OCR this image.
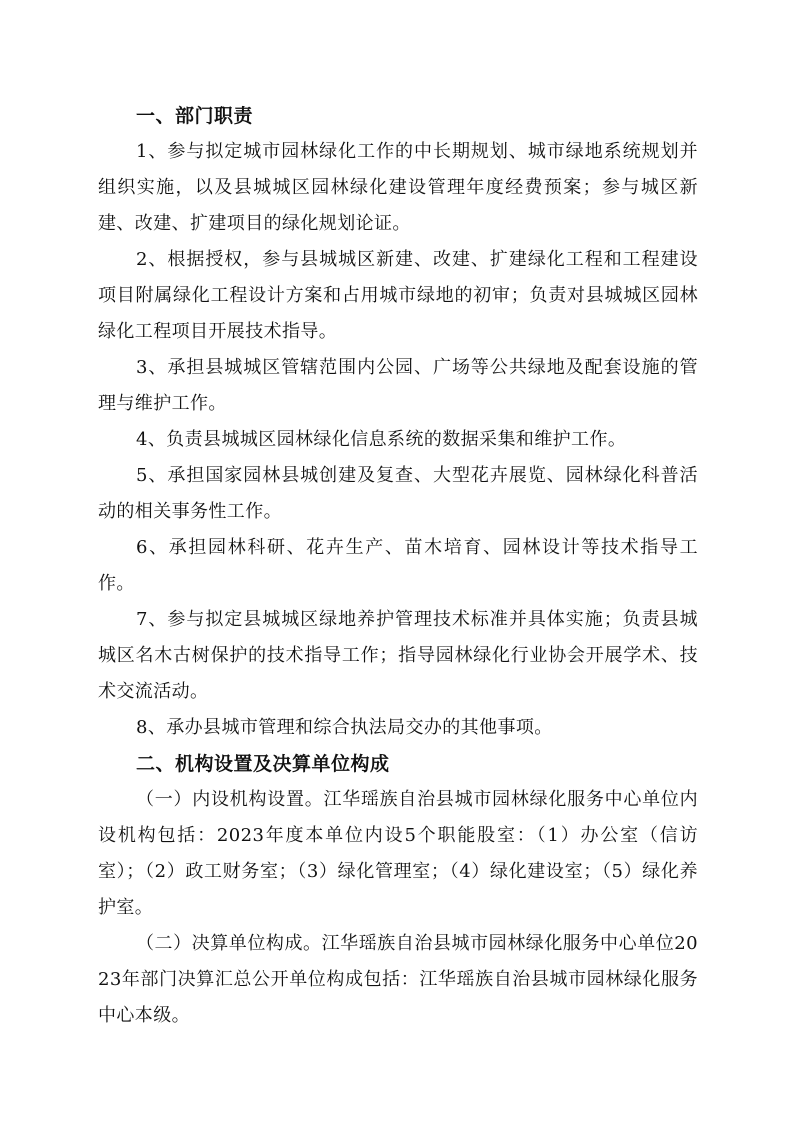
一、部门职责

1、参与拟定城市园林绿化工作的中长期规划、城市绿地系统规划并组织实施，以及县城城区园林绿化建设管理年度经费预案；参与城区新建、改建、扩建项目的绿化规划论证。

2、根据授权，参与县城城区新建、改建、扩建绿化工程和工程建设项目附属绿化工程设计方案和占用城市绿地的初审；负责对县城城区园林绿化工程项目开展技术指导。

3、承担县城城区管辖范围内公园、广场等公共绿地及配套设施的管理与维护工作。

4、负责县城城区园林绿化信息系统的数据采集和维护工作。

5、承担国家园林县城创建及复查、大型花卉展览、园林绿化科普活动的相关事务性工作。

6、承担园林科研、花卉生产、苗木培育、园林设计等技术指导工作。

7、参与拟定县城城区绿地养护管理技术标准并具体实施；负责县城城区名木古树保护的技术指导工作；指导园林绿化行业协会开展学术、技术交流活动。

8、承办县城市管理和综合执法局交办的其他事项。

二、机构设置及决算单位构成

（一）内设机构设置。江华瑶族自治县城市园林绿化服务中心单位内设机构包括：2023年度本单位内设5个职能股室：（1）办公室（信访室）；（2）政工财务室；（3）绿化管理室；（4）绿化建设室；（5）绿化养护室。

（二）决算单位构成。江华瑶族自治县城市园林绿化服务中心单位2023年部门决算汇总公开单位构成包括：江华瑶族自治县城市园林绿化服务中心本级。
